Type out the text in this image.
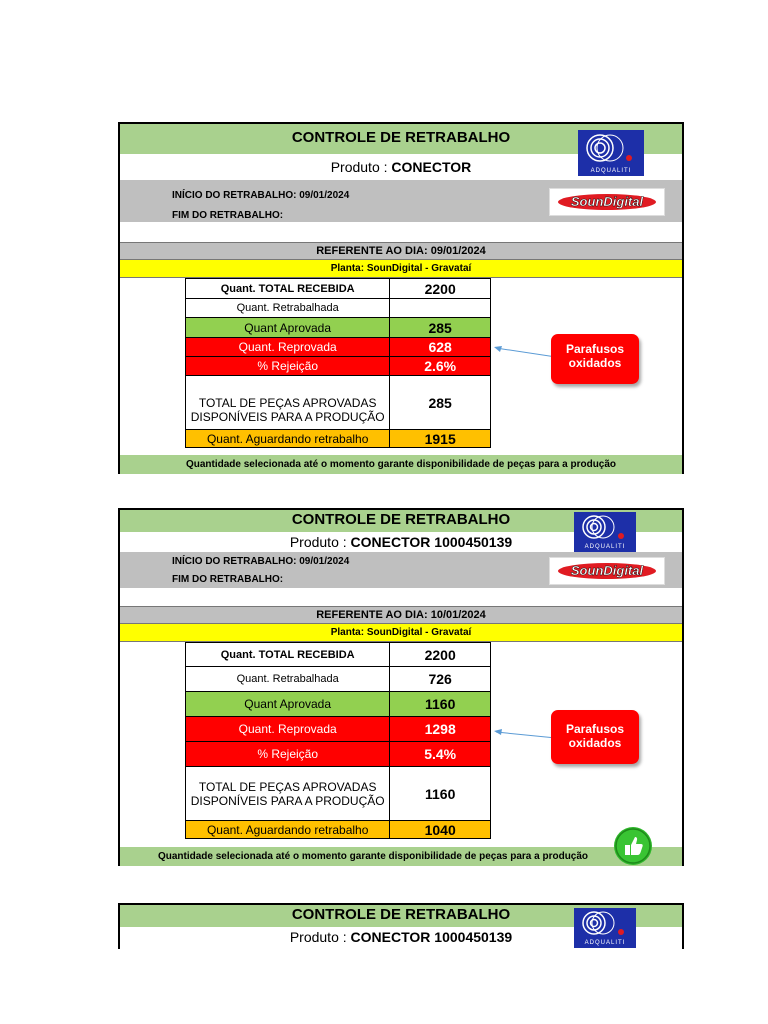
CONTROLE DE RETRABALHO
Produto : CONECTOR
INÍCIO DO RETRABALHO: 09/01/2024
FIM DO RETRABALHO:
REFERENTE AO DIA: 09/01/2024
Planta: SounDigital - Gravataí
Quant. TOTAL RECEBIDA	2200
Quant. Retrabalhada	
Quant Aprovada	285
Quant. Reprovada	628
% Rejeição	2.6%

TOTAL DE PEÇAS APROVADAS
DISPONÍVEIS PARA A PRODUÇÃO	285
Quant. Aguardando retrabalho	1915
Parafusos
oxidados
Quantidade selecionada até o momento garante disponibilidade de peças para a produção
ADQUALITI
SounDigital
CONTROLE DE RETRABALHO
Produto : CONECTOR 1000450139
INÍCIO DO RETRABALHO: 09/01/2024
FIM DO RETRABALHO:
REFERENTE AO DIA: 10/01/2024
Planta: SounDigital - Gravataí
Quant. TOTAL RECEBIDA	2200
Quant. Retrabalhada	726
Quant Aprovada	1160
Quant. Reprovada	1298
% Rejeição	5.4%

TOTAL DE PEÇAS APROVADAS
DISPONÍVEIS PARA A PRODUÇÃO	1160
Quant. Aguardando retrabalho	1040
Parafusos
oxidados
Quantidade selecionada até o momento garante disponibilidade de peças para a produção
ADQUALITI
SounDigital
CONTROLE DE RETRABALHO
Produto : CONECTOR 1000450139	ADQUALITI
